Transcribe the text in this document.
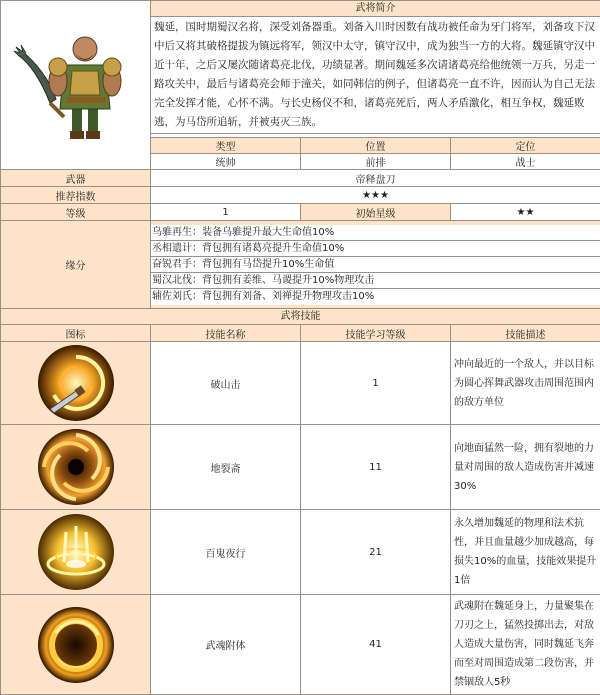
	武将简介		
	魏延，国时期蜀汉名将，深受刘备器重。刘备入川时因数有战功被任命为牙门将军，刘备攻下汉中后又将其破格提拔为镇远将军，领汉中太守，镇守汉中，成为独当一方的大将。魏延镇守汉中近十年，之后又屡次随诸葛亮北伐，功绩显著。期间魏延多次请诸葛亮给他统领一万兵，另走一路攻关中，最后与诸葛亮会师于潼关，如同韩信的例子，但诸葛亮一直不许，因而认为自己无法完全发挥才能，心怀不满。与长史杨仪不和，诸葛亮死后，两人矛盾激化，相互争权，魏延败逃，为马岱所追斩，并被夷灭三族。		

	类型	位置	定位
	统帅	前排	战士
武器	帝释盘刀		
推荐指数	★★★		
等级	1	初始星级	★★
缘分	乌骓再生：装备乌骓提升最大生命值10%
丞相遗计：背包拥有诸葛亮提升生命值10%
奋锐君手：背包拥有马岱提升10%生命值
蜀汉北伐：背包拥有姜维、马谡提升10%物理攻击
辅佐刘氏：背包拥有刘备、刘禅提升物理攻击10%		

武将技能			
图标	技能名称	技能学习等级	技能描述

	破山击	1	冲向最近的一个敌人，并以目标为圆心挥舞武器攻击周围范围内的敌方单位

	地裂斋	11	向地面猛然一险，拥有裂地的力量对周围的敌人造成伤害并减速30%

	百鬼夜行	21	永久增加魏延的物理和法术抗性，并且血量越少加成越高，每损失10%的血量，技能效果提升1倍

	武魂附体	41	武魂附在魏延身上，力量聚集在刀刃之上，猛然投掷出去，对敌人造成大量伤害，同时魏延飞奔而至对周围造成第二段伤害，并禁锢敌人5秒
